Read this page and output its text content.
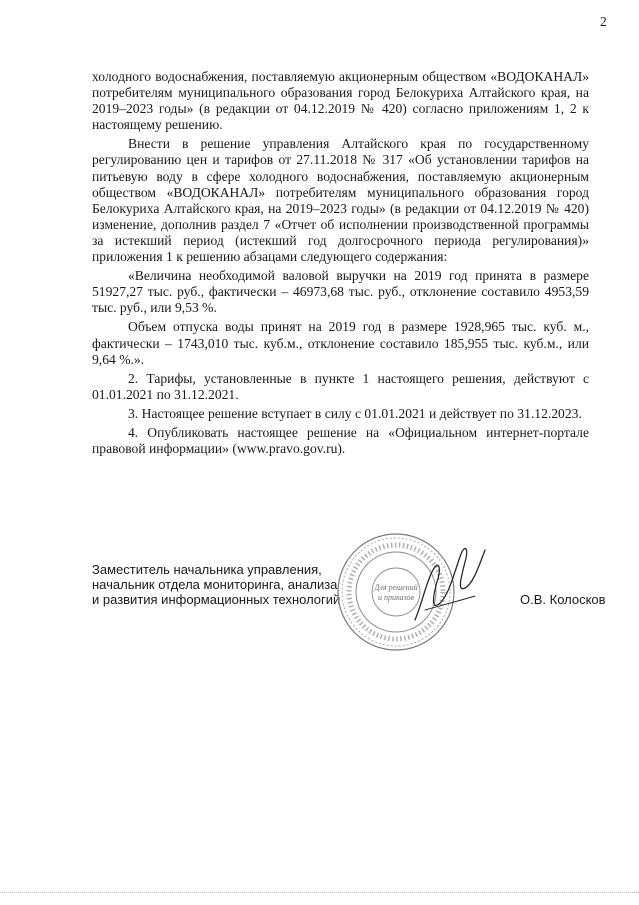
2

холодного водоснабжения, поставляемую акционерным обществом «ВОДОКАНАЛ» потребителям муниципального образования город Белокуриха Алтайского края, на 2019–2023 годы» (в редакции от 04.12.2019 № 420) согласно приложениям 1, 2 к настоящему решению.

Внести в решение управления Алтайского края по государственному регулированию цен и тарифов от 27.11.2018 № 317 «Об установлении тарифов на питьевую воду в сфере холодного водоснабжения, поставляемую акционерным обществом «ВОДОКАНАЛ» потребителям муниципального образования город Белокуриха Алтайского края, на 2019–2023 годы» (в редакции от 04.12.2019 № 420) изменение, дополнив раздел 7 «Отчет об исполнении производственной программы за истекший период (истекший год долгосрочного периода регулирования)» приложения 1 к решению абзацами следующего содержания:

«Величина необходимой валовой выручки на 2019 год принята в размере 51927,27 тыс. руб., фактически – 46973,68 тыс. руб., отклонение составило 4953,59 тыс. руб., или 9,53 %.

Объем отпуска воды принят на 2019 год в размере 1928,965 тыс. куб. м., фактически – 1743,010 тыс. куб.м., отклонение составило 185,955 тыс. куб.м., или 9,64 %.».

2. Тарифы, установленные в пункте 1 настоящего решения, действуют с 01.01.2021 по 31.12.2021.

3. Настоящее решение вступает в силу с 01.01.2021 и действует по 31.12.2023.

4. Опубликовать настоящее решение на «Официальном интернет-портале правовой информации» (www.pravo.gov.ru).

Заместитель начальника управления,
начальник отдела мониторинга, анализа
и развития информационных технологий
Для решений
и приказов	О.В. Колосков
